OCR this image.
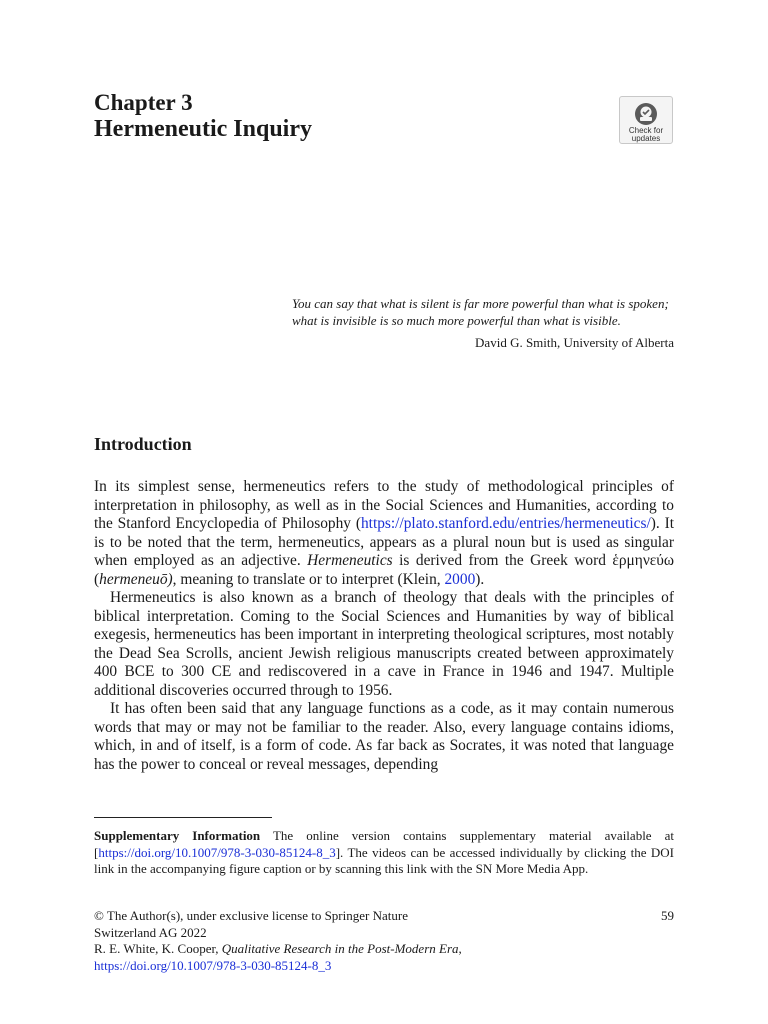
Chapter 3
Hermeneutic Inquiry	Check for
updates

You can say that what is silent is far more powerful than what is spoken; what is invisible is so much more powerful than what is visible.

David G. Smith, University of Alberta

Introduction

In its simplest sense, hermeneutics refers to the study of methodological principles of interpretation in philosophy, as well as in the Social Sciences and Humanities, according to the Stanford Encyclopedia of Philosophy (https://plato.stanford.edu/entries/hermeneutics/). It is to be noted that the term, hermeneutics, appears as a plural noun but is used as singular when employed as an adjective. Hermeneutics is derived from the Greek word ἑρμηνεύω (hermeneuō), meaning to translate or to interpret (Klein, 2000).

Hermeneutics is also known as a branch of theology that deals with the principles of biblical interpretation. Coming to the Social Sciences and Humanities by way of biblical exegesis, hermeneutics has been important in interpreting theological scriptures, most notably the Dead Sea Scrolls, ancient Jewish religious manuscripts created between approximately 400 BCE to 300 CE and rediscovered in a cave in France in 1946 and 1947. Multiple additional discoveries occurred through to 1956.

It has often been said that any language functions as a code, as it may contain numerous words that may or may not be familiar to the reader. Also, every language contains idioms, which, in and of itself, is a form of code. As far back as Socrates, it was noted that language has the power to conceal or reveal messages, depending

Supplementary Information The online version contains supplementary material available at [https://doi.org/10.1007/978-3-030-85124-8_3]. The videos can be accessed individually by clicking the DOI link in the accompanying figure caption or by scanning this link with the SN More Media App.
© The Author(s), under exclusive license to Springer Nature
Switzerland AG 2022
R. E. White, K. Cooper, Qualitative Research in the Post-Modern Era,
https://doi.org/10.1007/978-3-030-85124-8_3
59
